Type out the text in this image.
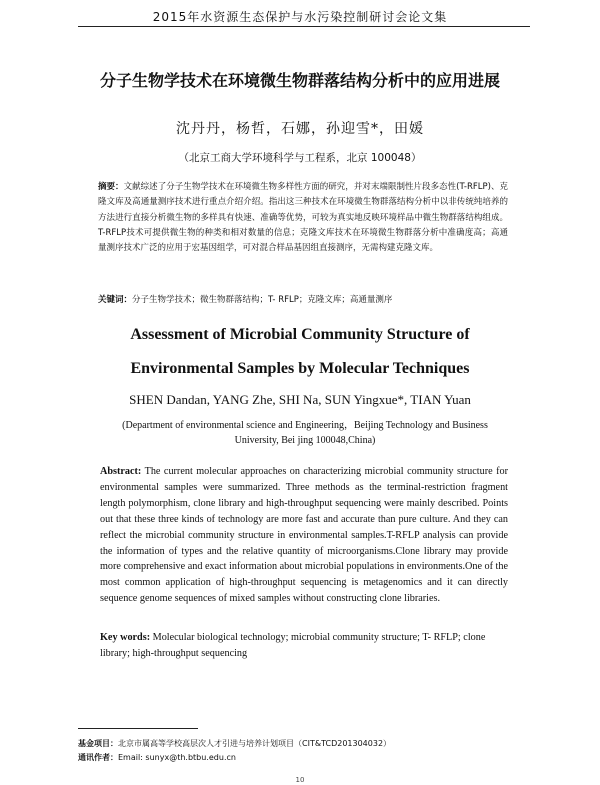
2015年水资源生态保护与水污染控制研讨会论文集
分子生物学技术在环境微生物群落结构分析中的应用进展
沈丹丹，杨哲，石娜，孙迎雪*，田媛
（北京工商大学环境科学与工程系，北京 100048）
摘要：文献综述了分子生物学技术在环境微生物多样性方面的研究，并对末端限制性片段多态性(T-RFLP)、克隆文库及高通量测序技术进行重点介绍介绍。指出这三种技术在环境微生物群落结构分析中以非传统纯培养的方法进行直接分析微生物的多样具有快速、准确等优势，可较为真实地反映环境样品中微生物群落结构组成。T-RFLP技术可提供微生物的种类和相对数量的信息；克隆文库技术在环境微生物群落分析中准确度高；高通量测序技术广泛的应用于宏基因组学，可对混合样品基因组直接测序，无需构建克隆文库。
关键词：分子生物学技术；微生物群落结构；T- RFLP；克隆文库；高通量测序
Assessment of Microbial Community Structure of Environmental Samples by Molecular Techniques
SHEN Dandan, YANG Zhe, SHI Na, SUN Yingxue*, TIAN Yuan
(Department of environmental science and Engineering，Beijing Technology and Business University, Bei jing 100048,China)
Abstract: The current molecular approaches on characterizing microbial community structure for environmental samples were summarized. Three methods as the terminal-restriction fragment length polymorphism, clone library and high-throughput sequencing were mainly described. Points out that these three kinds of technology are more fast and accurate than pure culture. And they can reflect the microbial community structure in environmental samples.T-RFLP analysis can provide the information of types and the relative quantity of microorganisms.Clone library may provide more comprehensive and exact information about microbial populations in environments.One of the most common application of high-throughput sequencing is metagenomics and it can directly sequence genome sequences of mixed samples without constructing clone libraries.
Key words: Molecular biological technology; microbial community structure; T- RFLP; clone library; high-throughput sequencing
基金项目：北京市属高等学校高层次人才引进与培养计划项目（CIT&TCD201304032）
通讯作者：Email: sunyx@th.btbu.edu.cn
10
